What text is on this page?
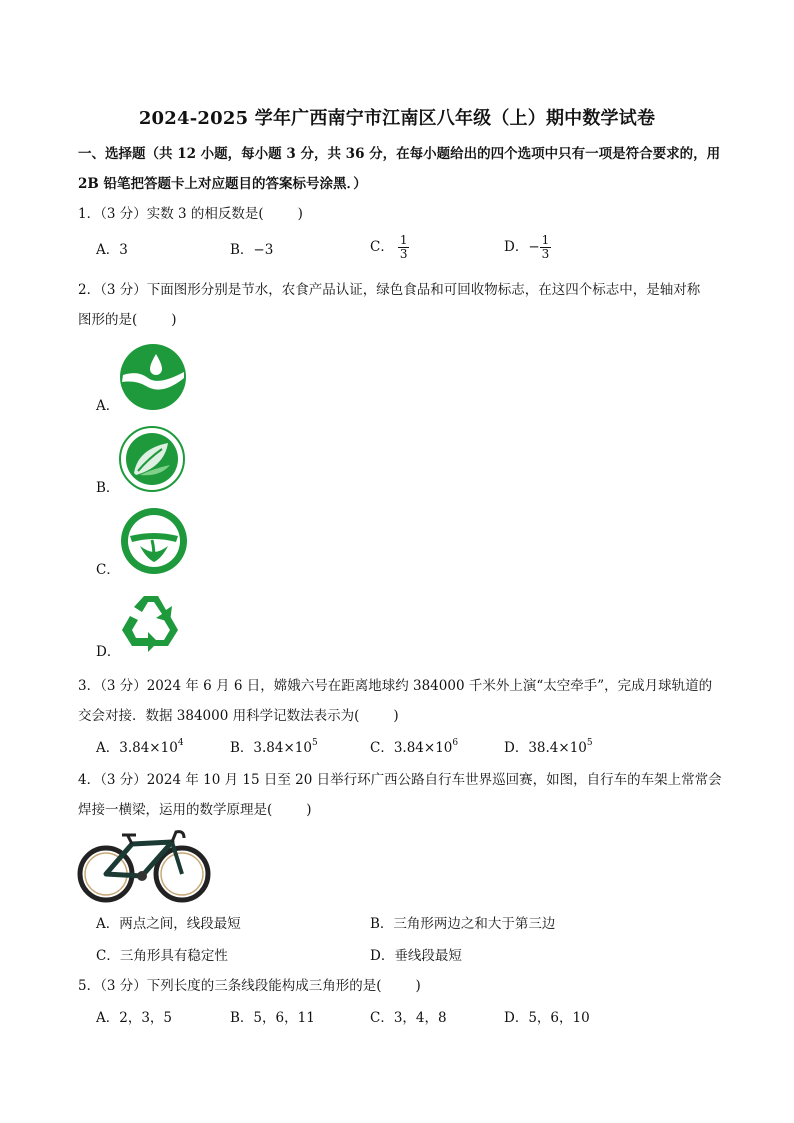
2024-2025 学年广西南宁市江南区八年级（上）期中数学试卷
一、选择题（共 12 小题，每小题 3 分，共 36 分，在每小题给出的四个选项中只有一项是符合要求的，用
2B 铅笔把答题卡上对应题目的答案标号涂黑．）
1．（3 分）实数 3 的相反数是(	)
A．3	B．−3	C． $\frac{1}{3}$	D．− $\frac{1}{3}$
2．（3 分）下面图形分别是节水，农食产品认证，绿色食品和可回收物标志，在这四个标志中，是轴对称
图形的是(	)
A．
B．
C．
D．
3．（3 分）2024 年 6 月 6 日，嫦娥六号在距离地球约 384000 千米外上演“太空牵手”，完成月球轨道的
交会对接．数据 384000 用科学记数法表示为(	)
A．$3.84\times 10^4$	B．$3.84\times 10^5$	C．$3.84\times 10^6$	D．$38.4\times 10^5$
4．（3 分）2024 年 10 月 15 日至 20 日举行环广西公路自行车世界巡回赛，如图，自行车的车架上常常会
焊接一横梁，运用的数学原理是(	)
A．两点之间，线段最短	B．三角形两边之和大于第三边
C．三角形具有稳定性	D．垂线段最短
5．（3 分）下列长度的三条线段能构成三角形的是(	)
A．2，3，5	B．5，6，11	C．3，4，8	D．5，6，10
